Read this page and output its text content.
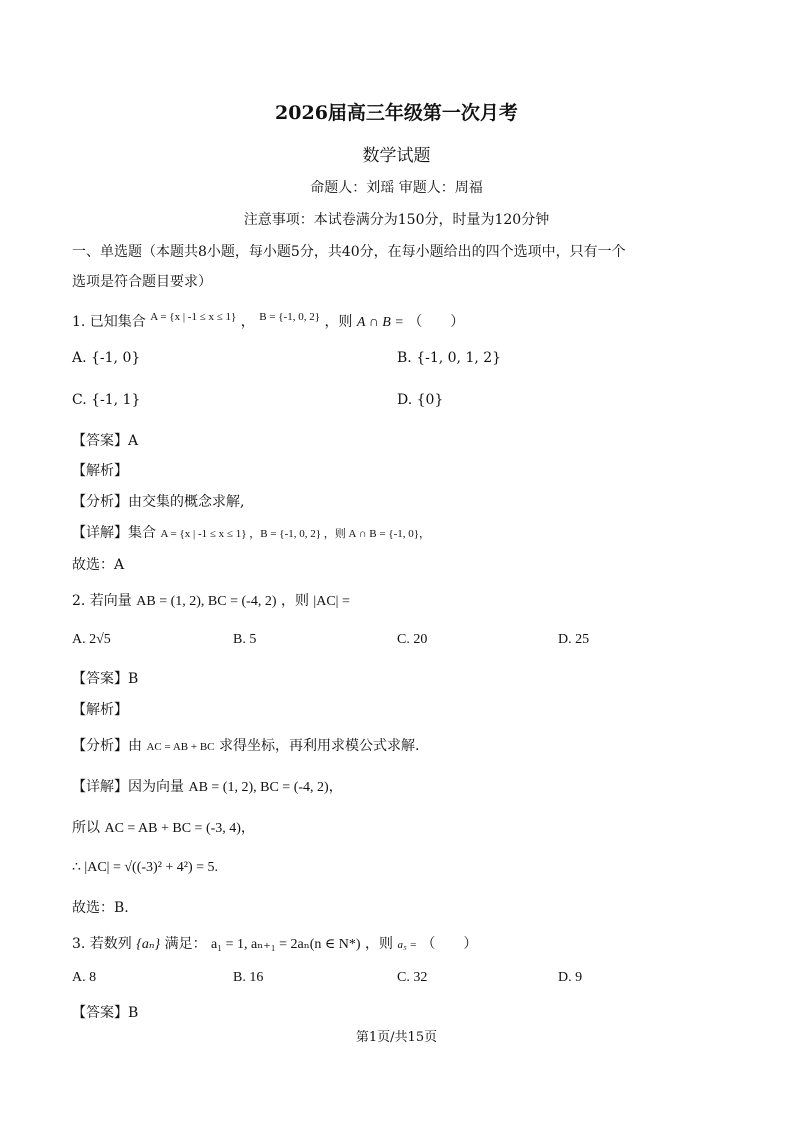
2026届高三年级第一次月考
数学试题
命题人：刘瑶 审题人：周福
注意事项：本试卷满分为150分，时量为120分钟
一、单选题（本题共8小题，每小题5分，共40分，在每小题给出的四个选项中，只有一个
选项是符合题目要求）
1. 已知集合 $^{A = \{x | -1 \le x \le 1\}}$ ， $^{B = \{-1, 0, 2\}}$ ，则 A ∩ B = （　　）
A. {-1, 0}	B. {-1, 0, 1, 2}
C. {-1, 1}	D. {0}
【答案】A
【解析】
【分析】由交集的概念求解,
【详解】集合 A = {x | -1 ≤ x ≤ 1} ，B = {-1, 0, 2} ，则 A ∩ B = {-1, 0}，
故选：A
2. 若向量 AB = (1, 2), BC = (-4, 2) ，则 |AC| =
A. 2√5	B. 5	C. 20	D. 25
【答案】B
【解析】
【分析】由 AC = AB + BC 求得坐标，再利用求模公式求解.
【详解】因为向量 AB = (1, 2), BC = (-4, 2)，
所以 AC = AB + BC = (-3, 4)，
∴ |AC| = √((-3)² + 4²) = 5.
故选：B.
3. 若数列 {aₙ} 满足： a₁ = 1, aₙ₊₁ = 2aₙ(n ∈ N*) ，则 a₅ = （　　）
A. 8	B. 16	C. 32	D. 9
【答案】B
第1页/共15页
